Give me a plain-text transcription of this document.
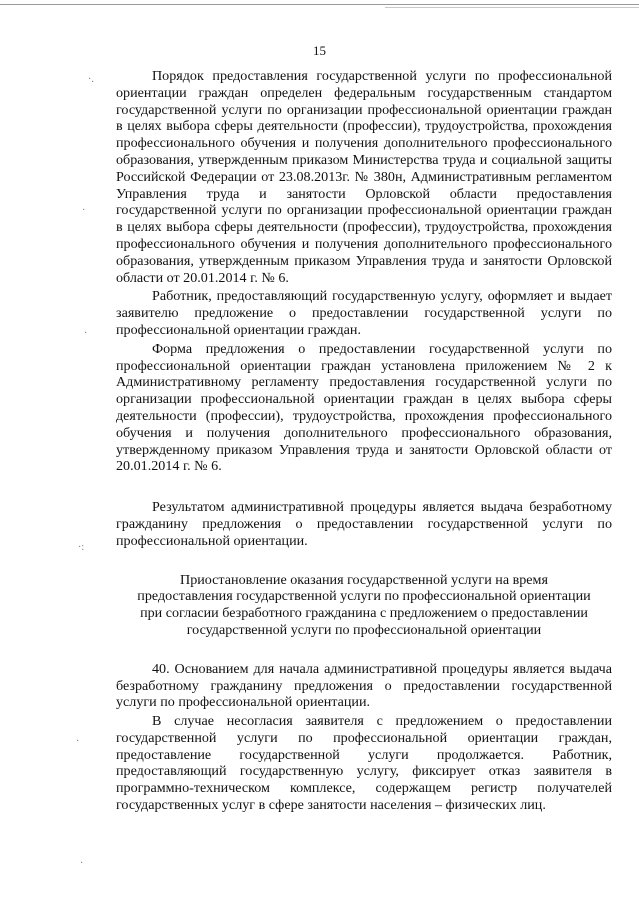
15
·.
·
·
·:
·
·

Порядок предоставления государственной услуги по профессиональной ориентации граждан определен федеральным государственным стандартом государственной услуги по организации профессиональной ориентации граждан в целях выбора сферы деятельности (профессии), трудоустройства, прохождения профессионального обучения и получения дополнительного профессионального образования, утвержденным приказом Министерства труда и социальной защиты Российской Федерации от 23.08.2013г. № 380н, Административным регламентом Управления труда и занятости Орловской области предоставления государственной услуги по организации профессиональной ориентации граждан в целях выбора сферы деятельности (профессии), трудоустройства, прохождения профессионального обучения и получения дополнительного профессионального образования, утвержденным приказом Управления труда и занятости Орловской области от 20.01.2014 г. № 6.

Работник, предоставляющий государственную услугу, оформляет и выдает заявителю предложение о предоставлении государственной услуги по профессиональной ориентации граждан.

Форма предложения о предоставлении государственной услуги по профессиональной ориентации граждан установлена приложением № 2 к Административному регламенту предоставления государственной услуги по организации профессиональной ориентации граждан в целях выбора сферы деятельности (профессии), трудоустройства, прохождения профессионального обучения и получения дополнительного профессионального образования, утвержденному приказом Управления труда и занятости Орловской области от 20.01.2014 г. № 6.

Результатом административной процедуры является выдача безработному гражданину предложения о предоставлении государственной услуги по профессиональной ориентации.

Приостановление оказания государственной услуги на время
предоставления государственной услуги по профессиональной ориентации
при согласии безработного гражданина с предложением о предоставлении
государственной услуги по профессиональной ориентации

40. Основанием для начала административной процедуры является выдача безработному гражданину предложения о предоставлении государственной услуги по профессиональной ориентации.

В случае несогласия заявителя с предложением о предоставлении государственной услуги по профессиональной ориентации граждан, предоставление государственной услуги продолжается. Работник, предоставляющий государственную услугу, фиксирует отказ заявителя в программно-техническом комплексе, содержащем регистр получателей государственных услуг в сфере занятости населения – физических лиц.
